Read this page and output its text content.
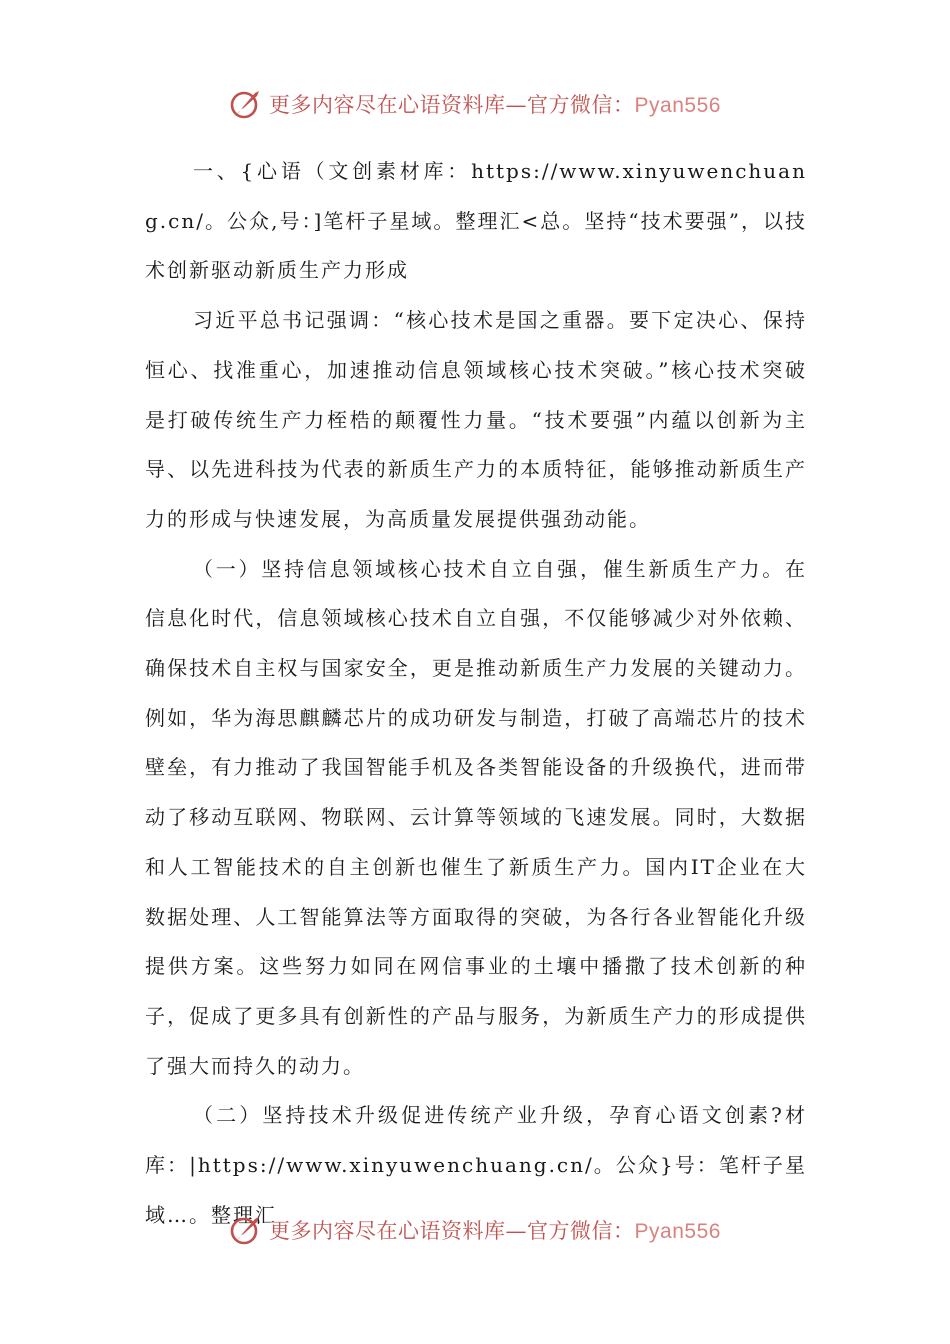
更多内容尽在心语资料库—官方微信：Pyan556

一、{心语（文创素材库：https://www.xinyuwenchuang.cn/。公众,号：]笔杆子星域。整理汇<总。坚持“技术要强”，以技术创新驱动新质生产力形成

习近平总书记强调：“核心技术是国之重器。要下定决心、保持恒心、找准重心，加速推动信息领域核心技术突破。”核心技术突破是打破传统生产力桎梏的颠覆性力量。“技术要强”内蕴以创新为主导、以先进科技为代表的新质生产力的本质特征，能够推动新质生产力的形成与快速发展，为高质量发展提供强劲动能。

（一）坚持信息领域核心技术自立自强，催生新质生产力。在信息化时代，信息领域核心技术自立自强，不仅能够减少对外依赖、确保技术自主权与国家安全，更是推动新质生产力发展的关键动力。例如，华为海思麒麟芯片的成功研发与制造，打破了高端芯片的技术壁垒，有力推动了我国智能手机及各类智能设备的升级换代，进而带动了移动互联网、物联网、云计算等领域的飞速发展。同时，大数据和人工智能技术的自主创新也催生了新质生产力。国内IT企业在大数据处理、人工智能算法等方面取得的突破，为各行各业智能化升级提供方案。这些努力如同在网信事业的土壤中播撒了技术创新的种子，促成了更多具有创新性的产品与服务，为新质生产力的形成提供了强大而持久的动力。

（二）坚持技术升级促进传统产业升级，孕育心语文创素?材库：|https://www.xinyuwenchuang.cn/。公众}号：笔杆子星域…。整理汇

更多内容尽在心语资料库—官方微信：Pyan556
